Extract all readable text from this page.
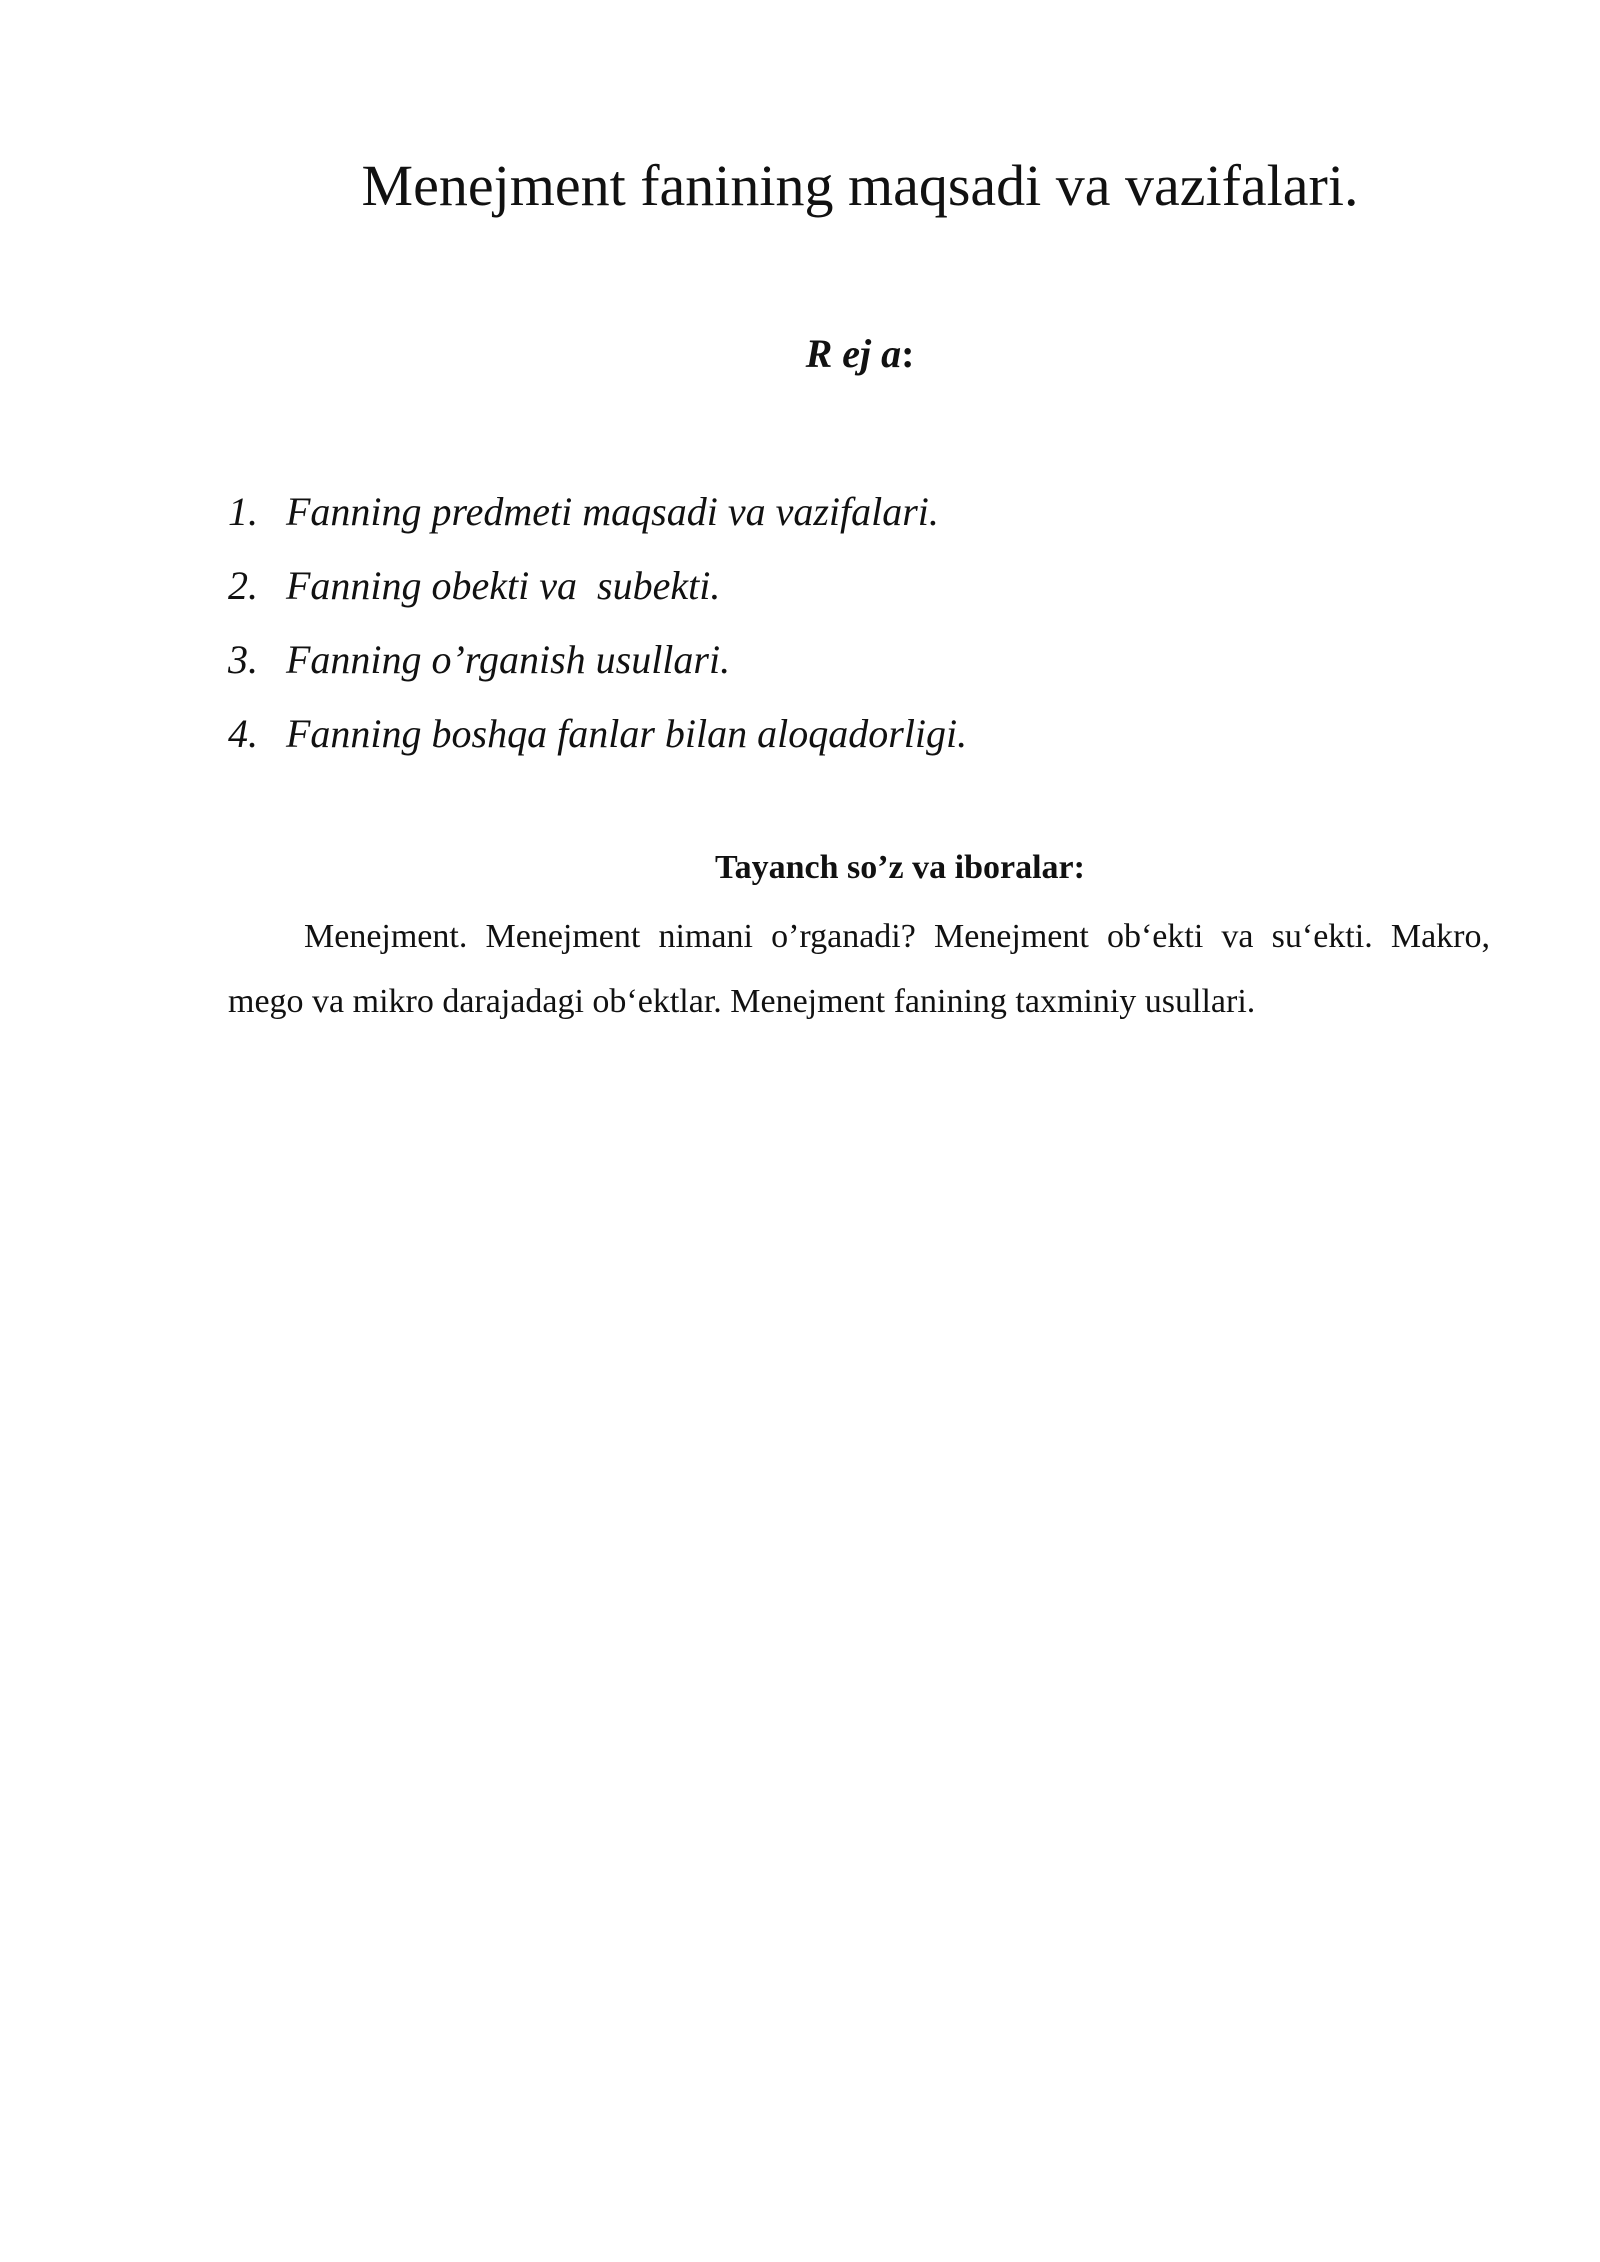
Menejment fanining maqsadi va vazifalari.
R ej a:
1. Fanning predmeti maqsadi va vazifalari.
2. Fanning obekti va  subekti.
3. Fanning o’rganish usullari.
4. Fanning boshqa fanlar bilan aloqadorligi.
Tayanch so’z va iboralar:

Menejment. Menejment nimani o’rganadi? Menejment ob‘ekti va su‘ekti. Makro, mego va mikro darajadagi ob‘ektlar. Menejment fanining taxminiy usullari.
